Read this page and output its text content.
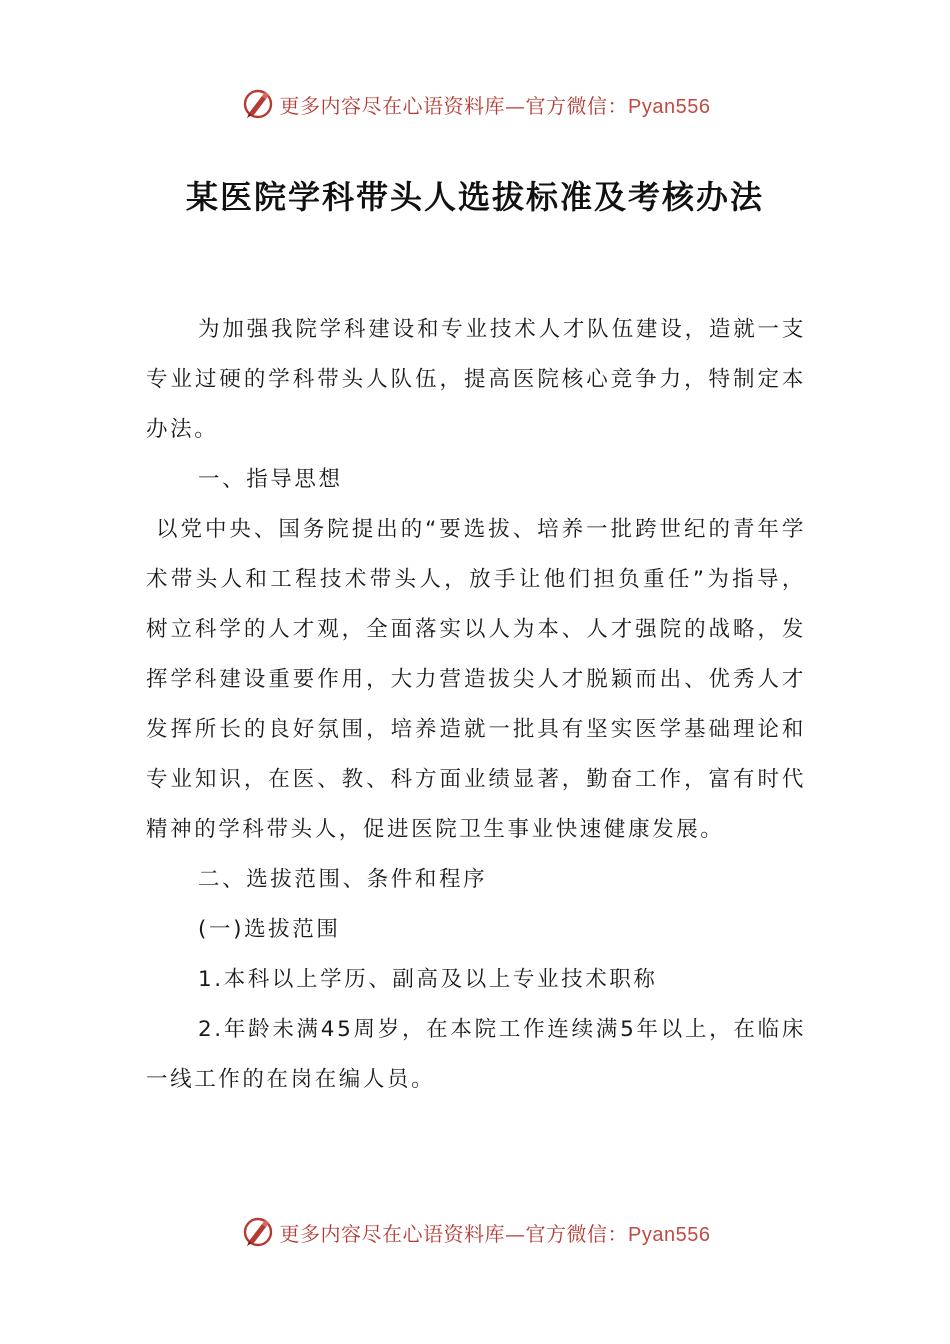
更多内容尽在心语资料库—官方微信：Pyan556
某医院学科带头人选拔标准及考核办法

为加强我院学科建设和专业技术人才队伍建设，造就一支专业过硬的学科带头人队伍，提高医院核心竞争力，特制定本办法。

一、指导思想

以党中央、国务院提出的“要选拔、培养一批跨世纪的青年学术带头人和工程技术带头人，放手让他们担负重任”为指导，树立科学的人才观，全面落实以人为本、人才强院的战略，发挥学科建设重要作用，大力营造拔尖人才脱颖而出、优秀人才发挥所长的良好氛围，培养造就一批具有坚实医学基础理论和专业知识，在医、教、科方面业绩显著，勤奋工作，富有时代精神的学科带头人，促进医院卫生事业快速健康发展。

二、选拔范围、条件和程序

(一)选拔范围

1.本科以上学历、副高及以上专业技术职称

2.年龄未满45周岁，在本院工作连续满5年以上，在临床一线工作的在岗在编人员。

更多内容尽在心语资料库—官方微信：Pyan556
